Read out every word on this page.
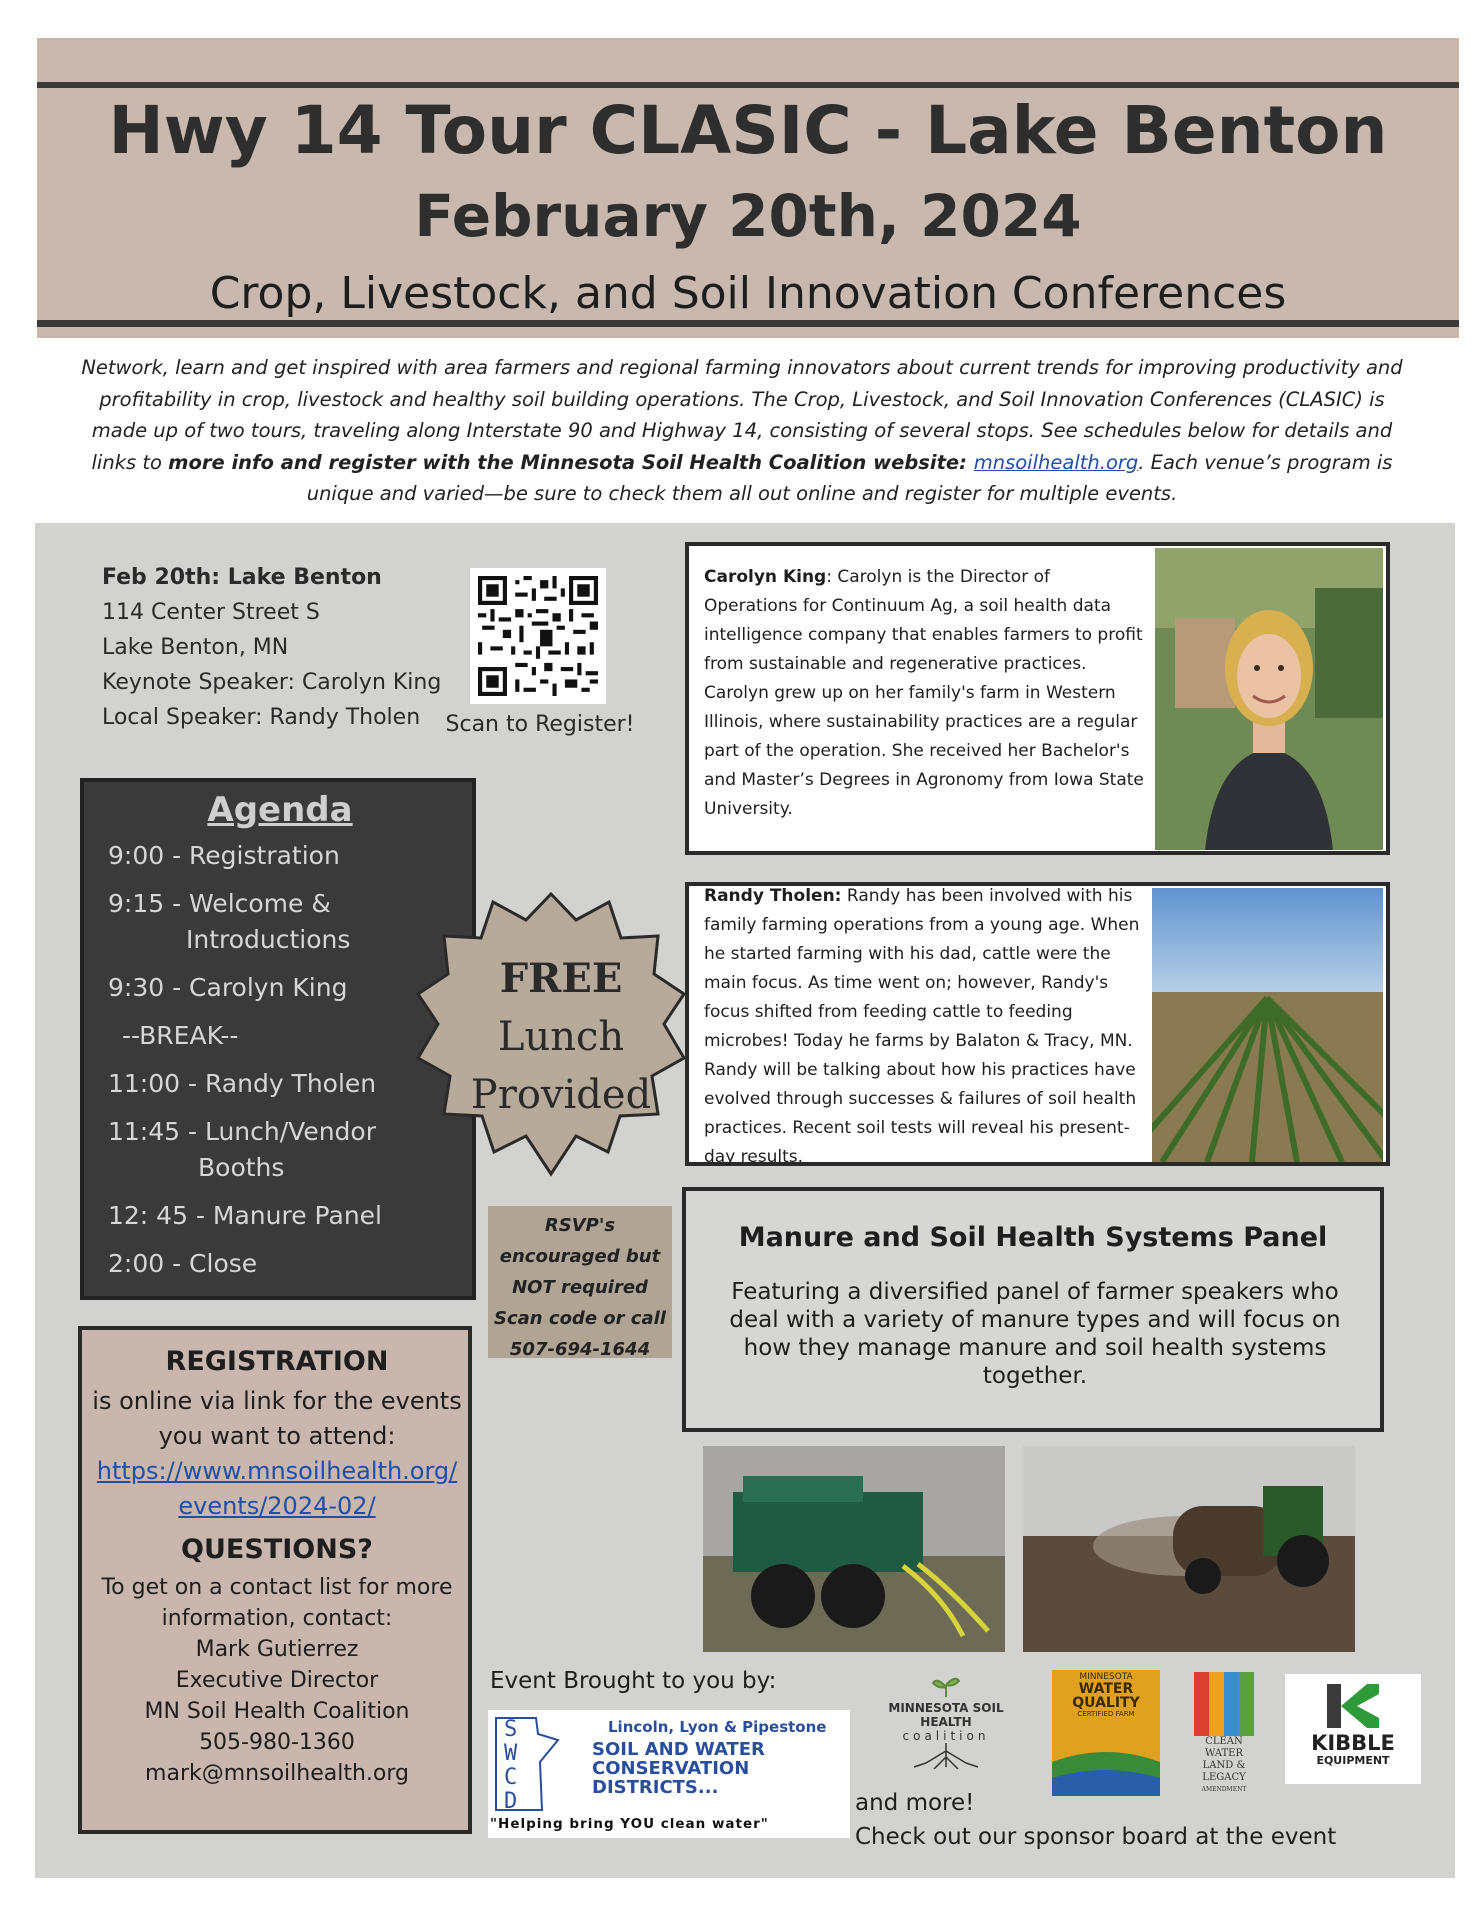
Hwy 14 Tour CLASIC - Lake Benton
February 20th, 2024
Crop, Livestock, and Soil Innovation Conferences
Network, learn and get inspired with area farmers and regional farming innovators about current trends for improving productivity and profitability in crop, livestock and healthy soil building operations. The Crop, Livestock, and Soil Innovation Conferences (CLASIC) is made up of two tours, traveling along Interstate 90 and Highway 14, consisting of several stops. See schedules below for details and links to more info and register with the Minnesota Soil Health Coalition website: mnsoilhealth.org. Each venue’s program is unique and varied—be sure to check them all out online and register for multiple events.
Feb 20th: Lake Benton
114 Center Street S
Lake Benton, MN
Keynote Speaker: Carolyn King
Local Speaker: Randy Tholen	Scan to Register!
Agenda
9:00 - Registration
9:15 - Welcome &
Introductions
9:30 - Carolyn King
--BREAK--
11:00 - Randy Tholen
11:45 - Lunch/Vendor
Booths
12: 45 - Manure Panel
2:00 - Close
FREE
Lunch
Provided
RSVP's
encouraged but
NOT required
Scan code or call
507-694-1644
REGISTRATION
is online via link for the events
you want to attend:
https://www.mnsoilhealth.org/
events/2024-02/
QUESTIONS?
To get on a contact list for more
information, contact:
Mark Gutierrez
Executive Director
MN Soil Health Coalition
505-980-1360
mark@mnsoilhealth.org
Carolyn King: Carolyn is the Director of Operations for Continuum Ag, a soil health data intelligence company that enables farmers to profit from sustainable and regenerative practices. Carolyn grew up on her family's farm in Western Illinois, where sustainability practices are a regular part of the operation. She received her Bachelor's and Master’s Degrees in Agronomy from Iowa State University.
Randy Tholen: Randy has been involved with his family farming operations from a young age. When he started farming with his dad, cattle were the main focus. As time went on; however, Randy's focus shifted from feeding cattle to feeding microbes! Today he farms by Balaton & Tracy, MN. Randy will be talking about how his practices have evolved through successes & failures of soil health practices. Recent soil tests will reveal his present-day results.
Manure and Soil Health Systems Panel
Featuring a diversified panel of farmer speakers who deal with a variety of manure types and will focus on how they manage manure and soil health systems together.
Event Brought to you by:
S
W
C
D
Lincoln, Lyon & Pipestone
SOIL AND WATER
CONSERVATION
DISTRICTS...
"Helping bring YOU clean water"
MINNESOTA SOIL HEALTH
coalition
MINNESOTA
WATER
QUALITY
CERTIFIED FARM
CLEAN
WATER
LAND &
LEGACY
AMENDMENT
KIBBLE
EQUIPMENT
and more!
Check out our sponsor board at the event
